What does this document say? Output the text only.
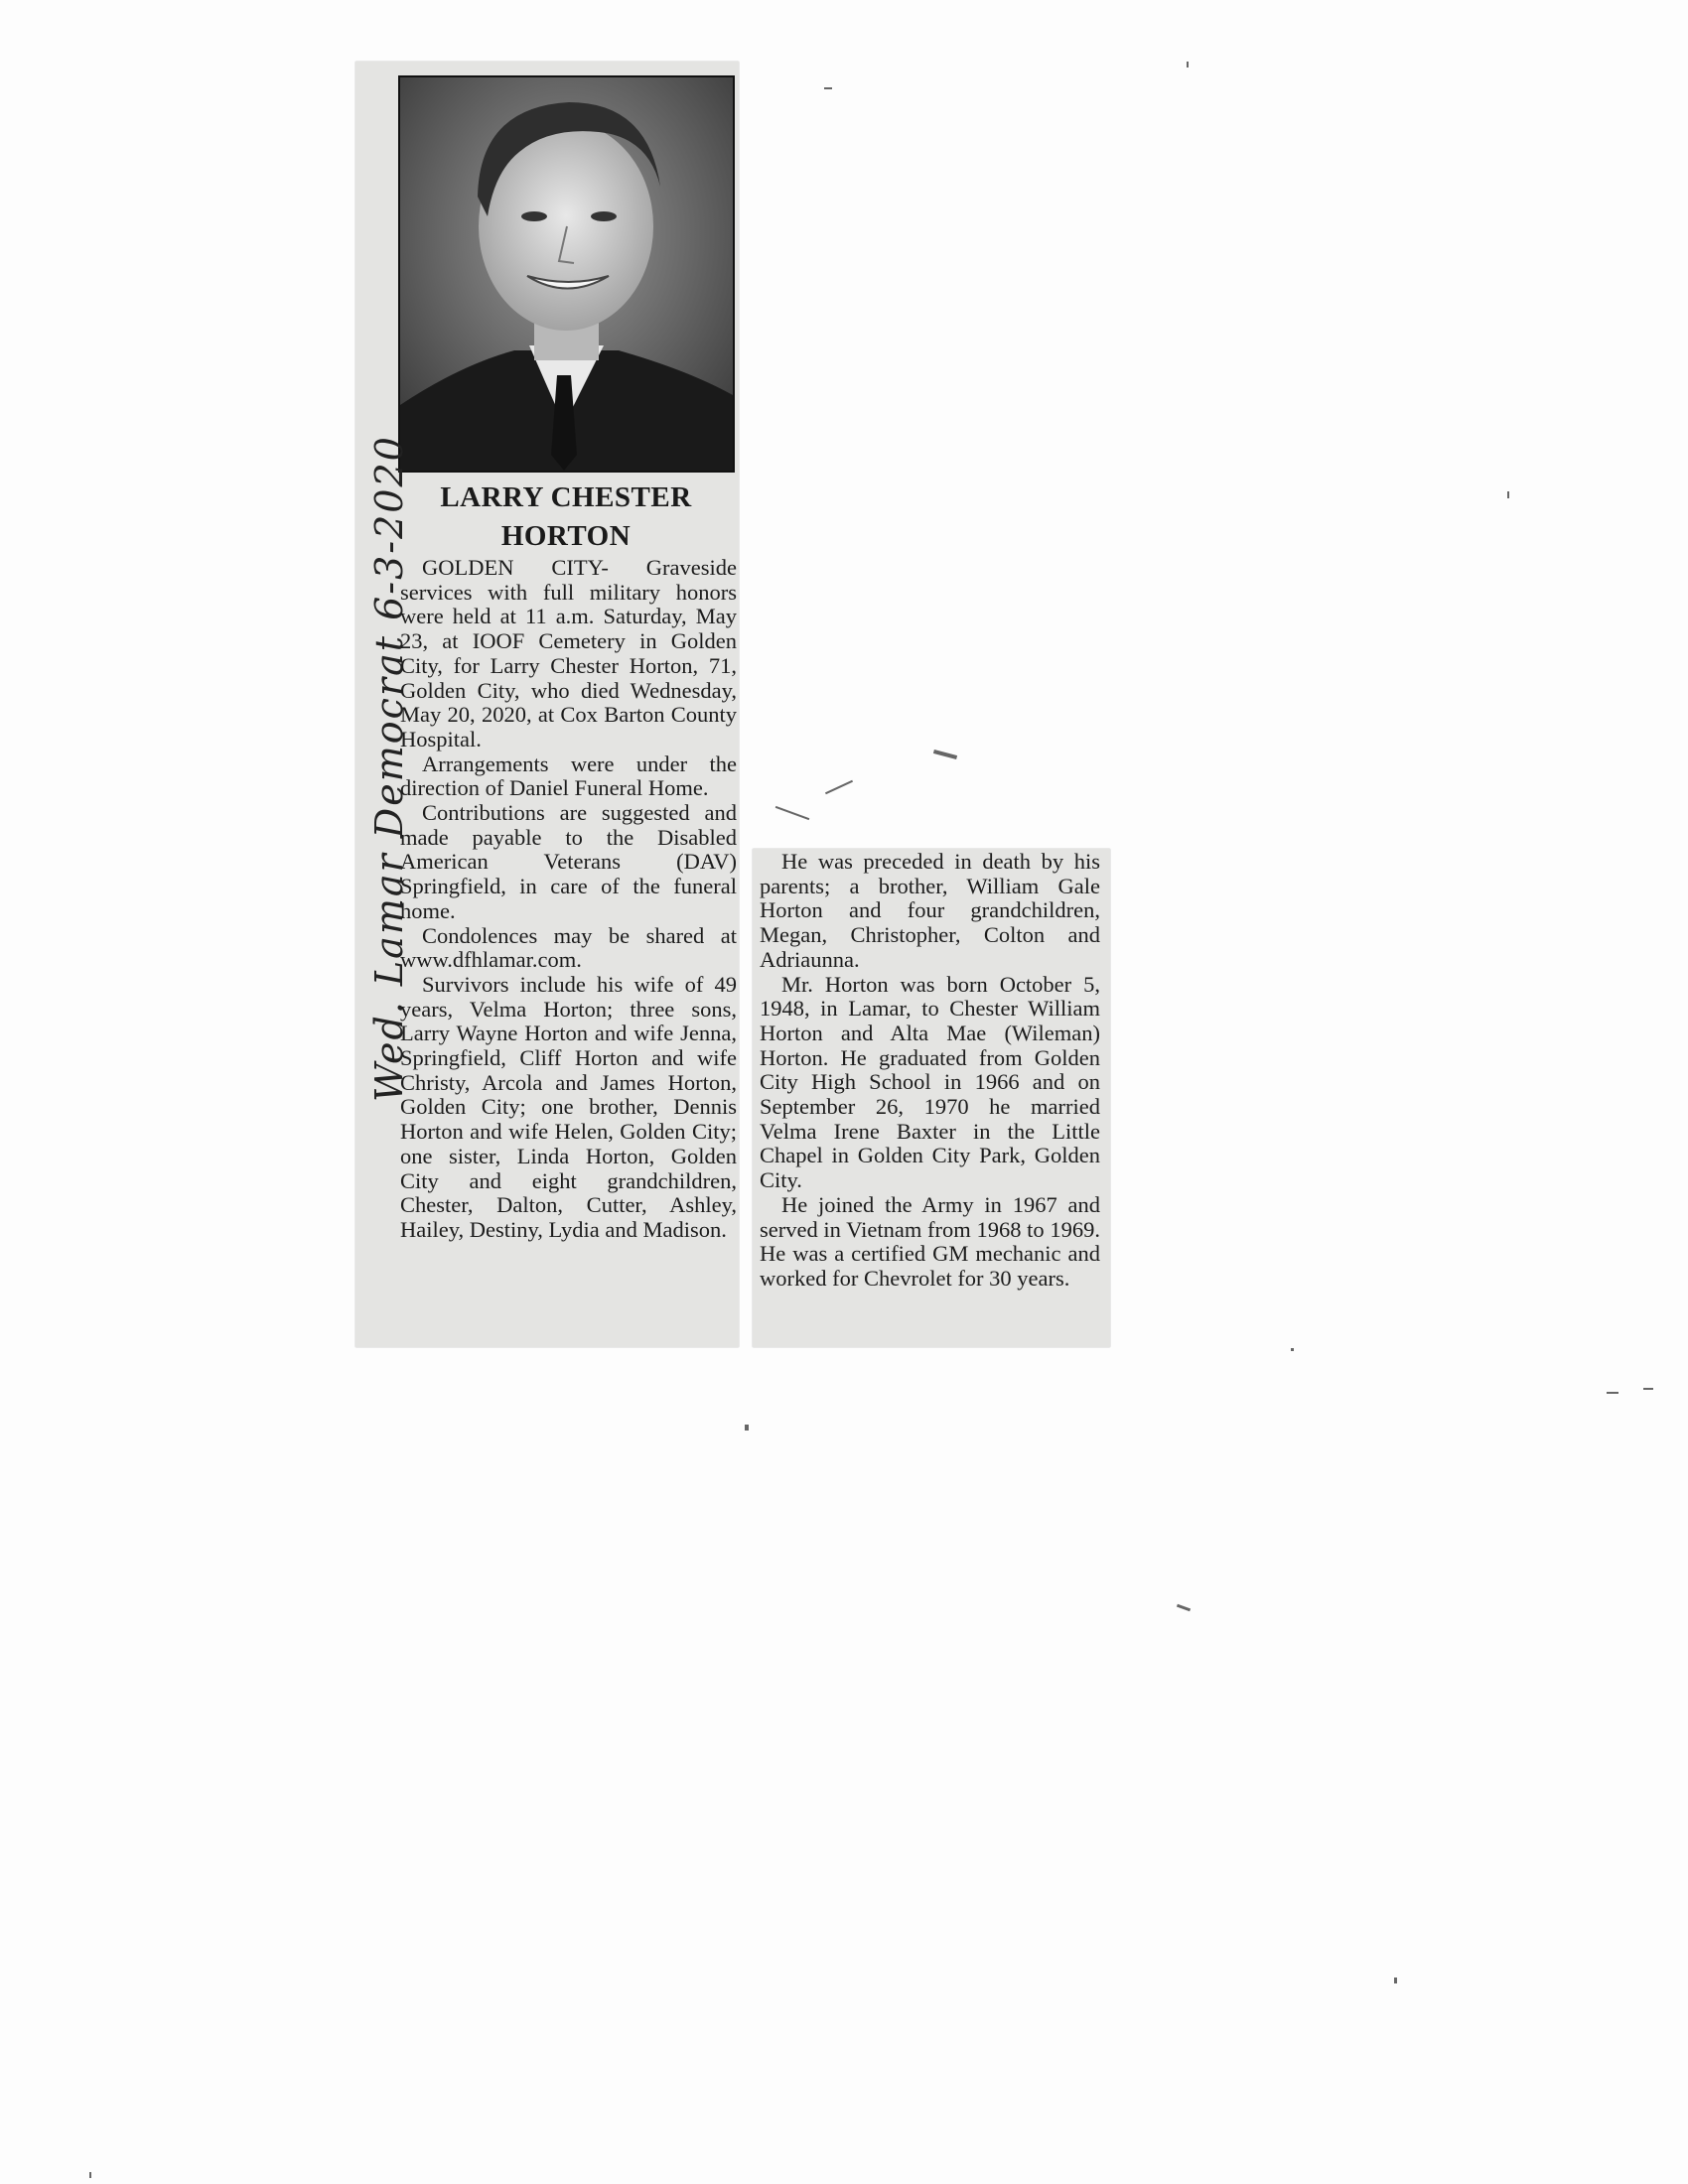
Wed. Lamar Democrat 6-3-2020	LARRY CHESTER
HORTON

GOLDEN CITY- Graveside services with full military honors were held at 11 a.m. Saturday, May 23, at IOOF Cemetery in Golden City, for Larry Chester Horton, 71, Golden City, who died Wednesday, May 20, 2020, at Cox Barton County Hospital.

Arrangements were under the direction of Daniel Funeral Home.

Contributions are suggested and made payable to the Disabled American Veterans (DAV) Springfield, in care of the funeral home.

Condolences may be shared at www.dfhlamar.com.

Survivors include his wife of 49 years, Velma Horton; three sons, Larry Wayne Horton and wife Jenna, Springfield, Cliff Horton and wife Christy, Arcola and James Horton, Golden City; one brother, Dennis Horton and wife Helen, Golden City; one sister, Linda Horton, Golden City and eight grandchildren, Chester, Dalton, Cutter, Ashley, Hailey, Destiny, Lydia and Madison.

He was preceded in death by his parents; a brother, William Gale Horton and four grandchildren, Megan, Christopher, Colton and Adriaunna.

Mr. Horton was born October 5, 1948, in Lamar, to Chester William Horton and Alta Mae (Wileman) Horton. He graduated from Golden City High School in 1966 and on September 26, 1970 he married Velma Irene Baxter in the Little Chapel in Golden City Park, Golden City.

He joined the Army in 1967 and served in Vietnam from 1968 to 1969. He was a certified GM mechanic and worked for Chevrolet for 30 years.
